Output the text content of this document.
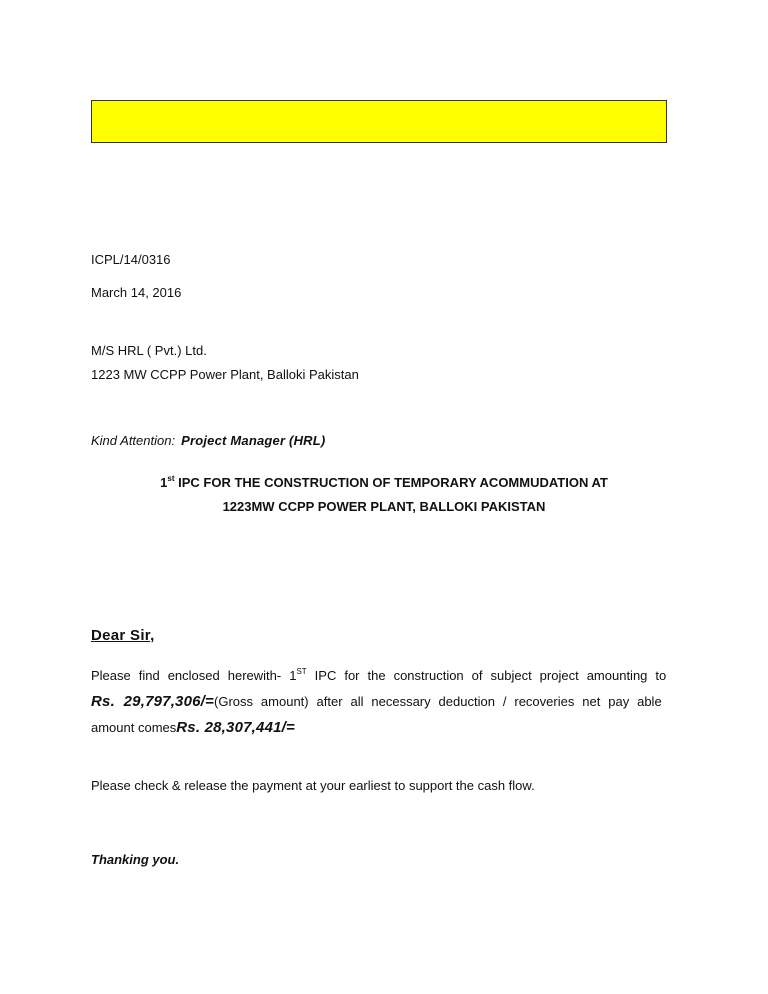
ICPL/14/0316
March 14, 2016
M/S HRL ( Pvt.) Ltd.
1223 MW CCPP Power Plant, Balloki Pakistan
Kind Attention: Project Manager (HRL)
1st IPC FOR THE CONSTRUCTION OF TEMPORARY ACOMMUDATION AT
1223MW CCPP POWER PLANT, BALLOKI PAKISTAN
Dear Sir,
Please find enclosed herewith- 1ST IPC for the construction of subject project amounting to
Rs. 29,797,306/= (Gross amount) after all necessary deduction / recoveries net pay able
amount comes Rs. 28,307,441/=
Please check & release the payment at your earliest to support the cash flow.
Thanking you.
